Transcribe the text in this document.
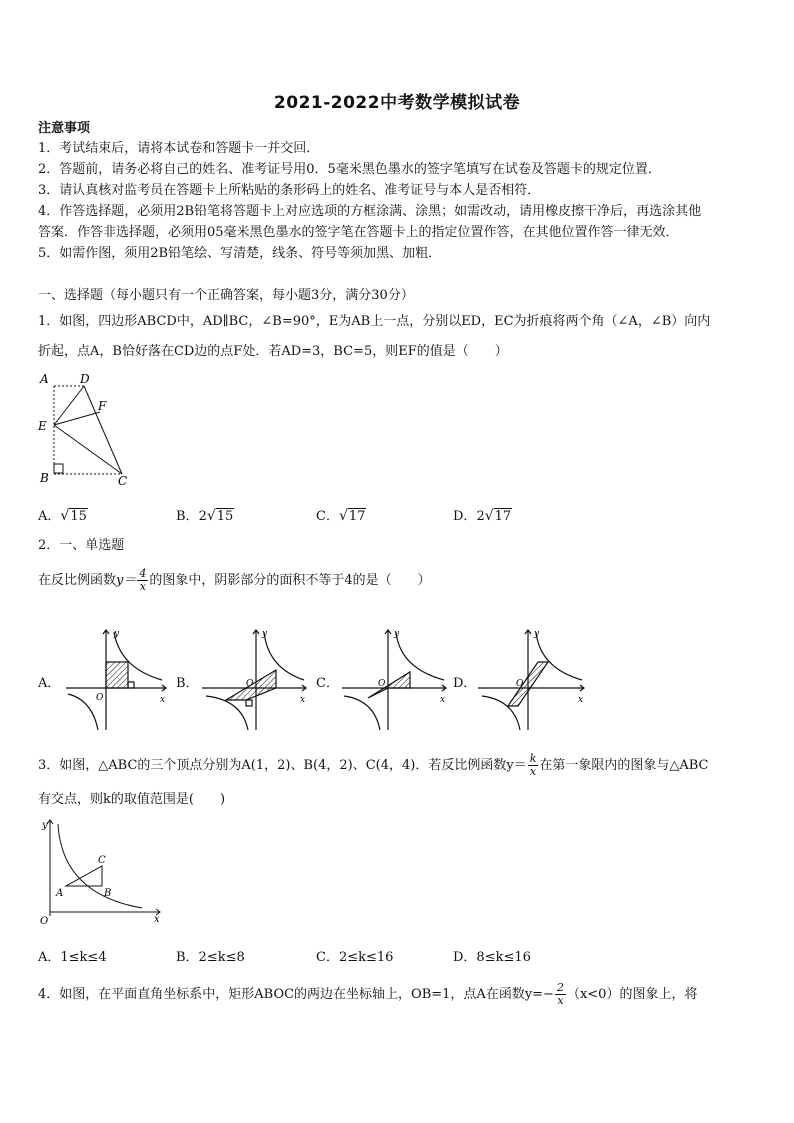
2021-2022中考数学模拟试卷
注意事项
1．考试结束后，请将本试卷和答题卡一并交回．
2．答题前，请务必将自己的姓名、准考证号用0．5毫米黑色墨水的签字笔填写在试卷及答题卡的规定位置．
3．请认真核对监考员在答题卡上所粘贴的条形码上的姓名、准考证号与本人是否相符．
4．作答选择题，必须用2B铅笔将答题卡上对应选项的方框涂满、涂黑；如需改动，请用橡皮擦干净后，再选涂其他
答案．作答非选择题，必须用05毫米黑色墨水的签字笔在答题卡上的指定位置作答，在其他位置作答一律无效．
5．如需作图，须用2B铅笔绘、写清楚，线条、符号等须加黑、加粗．
一、选择题（每小题只有一个正确答案，每小题3分，满分30分）
1．如图，四边形ABCD中，AD∥BC，∠B=90°，E为AB上一点，分别以ED，EC为折痕将两个角（∠A，∠B）向内
折起，点A，B恰好落在CD边的点F处．若AD=3，BC=5，则EF的值是（　　）
A	D
F
E
B	C
A．√15	B．2√15	C．√17	D．2√17
2．一、单选题
在反比例函数$y= \frac{4}{x}$ 的图象中，阴影部分的面积不等于4的是（　　）
A．
y
x
O
B．
y
x
O	C．
y
x
O	D．
y
x
O
3．如图，△ABC的三个顶点分别为A(1，2)、B(4，2)、C(4，4)．若反比例函数$y= \frac{k}{x}$ 在第一象限内的图象与△ABC
有交点，则k的取值范围是(　　)
y
x
O
A	B
C
A．1≤k≤4	B．2≤k≤8	C．2≤k≤16	D．8≤k≤16
4．如图，在平面直角坐标系中，矩形ABOC的两边在坐标轴上，OB=1，点A在函数$y=- \frac{2}{x} (x<0)$的图象上，将
